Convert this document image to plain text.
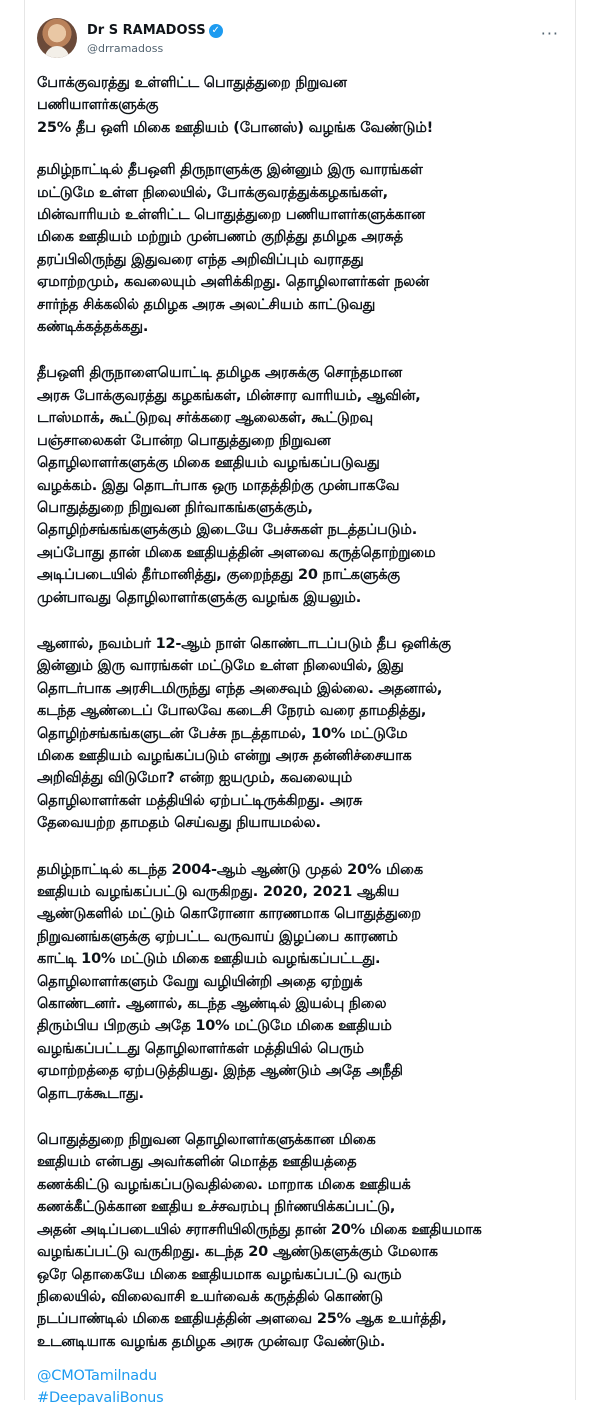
Dr S RAMADOSS ✓
@drramadoss
···

போக்குவரத்து உள்ளிட்ட பொதுத்துறை நிறுவன
பணியாளர்களுக்கு
25% தீப ஒளி மிகை ஊதியம் (போனஸ்) வழங்க வேண்டும்!

தமிழ்நாட்டில் தீபஒளி திருநாளுக்கு இன்னும் இரு வாரங்கள்
மட்டுமே உள்ள நிலையில், போக்குவரத்துக்கழகங்கள்,
மின்வாரியம் உள்ளிட்ட பொதுத்துறை பணியாளர்களுக்கான
மிகை ஊதியம் மற்றும் முன்பணம் குறித்து தமிழக அரசுத்
தரப்பிலிருந்து இதுவரை எந்த அறிவிப்பும் வராதது
ஏமாற்றமும், கவலையும் அளிக்கிறது. தொழிலாளர்கள் நலன்
சார்ந்த சிக்கலில் தமிழக அரசு அலட்சியம் காட்டுவது
கண்டிக்கத்தக்கது.

தீபஒளி திருநாளையொட்டி தமிழக அரசுக்கு சொந்தமான
அரசு போக்குவரத்து கழகங்கள், மின்சார வாரியம், ஆவின்,
டாஸ்மாக், கூட்டுறவு சர்க்கரை ஆலைகள், கூட்டுறவு
பஞ்சாலைகள் போன்ற பொதுத்துறை நிறுவன
தொழிலாளர்களுக்கு மிகை ஊதியம் வழங்கப்படுவது
வழக்கம். இது தொடர்பாக ஒரு மாதத்திற்கு முன்பாகவே
பொதுத்துறை நிறுவன நிர்வாகங்களுக்கும்,
தொழிற்சங்கங்களுக்கும் இடையே பேச்சுகள் நடத்தப்படும்.
அப்போது தான் மிகை ஊதியத்தின் அளவை கருத்தொற்றுமை
அடிப்படையில் தீர்மானித்து, குறைந்தது 20 நாட்களுக்கு
முன்பாவது தொழிலாளர்களுக்கு வழங்க இயலும்.

ஆனால், நவம்பர் 12-ஆம் நாள் கொண்டாடப்படும் தீப ஒளிக்கு
இன்னும் இரு வாரங்கள் மட்டுமே உள்ள நிலையில், இது
தொடர்பாக அரசிடமிருந்து எந்த அசைவும் இல்லை. அதனால்,
கடந்த ஆண்டைப் போலவே கடைசி நேரம் வரை தாமதித்து,
தொழிற்சங்கங்களுடன் பேச்சு நடத்தாமல், 10% மட்டுமே
மிகை ஊதியம் வழங்கப்படும் என்று அரசு தன்னிச்சையாக
அறிவித்து விடுமோ? என்ற ஐயமும், கவலையும்
தொழிலாளர்கள் மத்தியில் ஏற்பட்டிருக்கிறது. அரசு
தேவையற்ற தாமதம் செய்வது நியாயமல்ல.

தமிழ்நாட்டில் கடந்த 2004-ஆம் ஆண்டு முதல் 20% மிகை
ஊதியம் வழங்கப்பட்டு வருகிறது. 2020, 2021 ஆகிய
ஆண்டுகளில் மட்டும் கொரோனா காரணமாக பொதுத்துறை
நிறுவனங்களுக்கு ஏற்பட்ட வருவாய் இழப்பை காரணம்
காட்டி 10% மட்டும் மிகை ஊதியம் வழங்கப்பட்டது.
தொழிலாளர்களும் வேறு வழியின்றி அதை ஏற்றுக்
கொண்டனர். ஆனால், கடந்த ஆண்டில் இயல்பு நிலை
திரும்பிய பிறகும் அதே 10% மட்டுமே மிகை ஊதியம்
வழங்கப்பட்டது தொழிலாளர்கள் மத்தியில் பெரும்
ஏமாற்றத்தை ஏற்படுத்தியது. இந்த ஆண்டும் அதே அநீதி
தொடரக்கூடாது.

பொதுத்துறை நிறுவன தொழிலாளர்களுக்கான மிகை
ஊதியம் என்பது அவர்களின் மொத்த ஊதியத்தை
கணக்கிட்டு வழங்கப்படுவதில்லை. மாறாக மிகை ஊதியக்
கணக்கீட்டுக்கான ஊதிய உச்சவரம்பு நிர்ணயிக்கப்பட்டு,
அதன் அடிப்படையில் சராசரியிலிருந்து தான் 20% மிகை ஊதியமாக
வழங்கப்பட்டு வருகிறது. கடந்த 20 ஆண்டுகளுக்கும் மேலாக
ஒரே தொகையே மிகை ஊதியமாக வழங்கப்பட்டு வரும்
நிலையில், விலைவாசி உயர்வைக் கருத்தில் கொண்டு
நடப்பாண்டில் மிகை ஊதியத்தின் அளவை 25% ஆக உயர்த்தி,
உடனடியாக வழங்க தமிழக அரசு முன்வர வேண்டும்.

@CMOTamilnadu
#DeepavaliBonus
